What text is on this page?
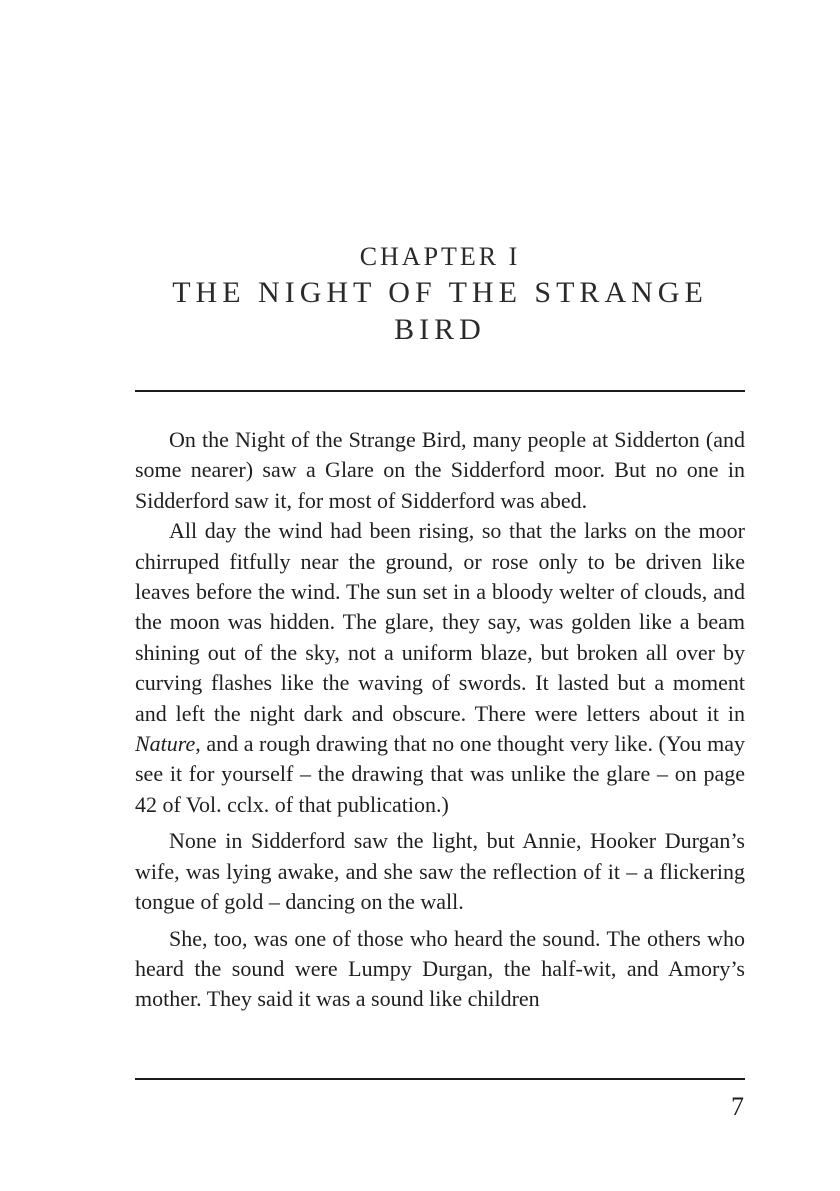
CHAPTER I

THE NIGHT OF THE STRANGE BIRD

On the Night of the Strange Bird, many people at Sidderton (and some nearer) saw a Glare on the Sidderford moor. But no one in Sidderford saw it, for most of Sidderford was abed.

All day the wind had been rising, so that the larks on the moor chirruped fitfully near the ground, or rose only to be driven like leaves before the wind. The sun set in a bloody welter of clouds, and the moon was hidden. The glare, they say, was golden like a beam shining out of the sky, not a uniform blaze, but broken all over by curving flashes like the waving of swords. It lasted but a moment and left the night dark and obscure. There were letters about it in Nature, and a rough drawing that no one thought very like. (You may see it for yourself – the drawing that was unlike the glare – on page 42 of Vol. cclx. of that publication.)

None in Sidderford saw the light, but Annie, Hooker Durgan’s wife, was lying awake, and she saw the reflection of it – a flickering tongue of gold – dancing on the wall.

She, too, was one of those who heard the sound. The others who heard the sound were Lumpy Durgan, the half-wit, and Amory’s mother. They said it was a sound like children

7
